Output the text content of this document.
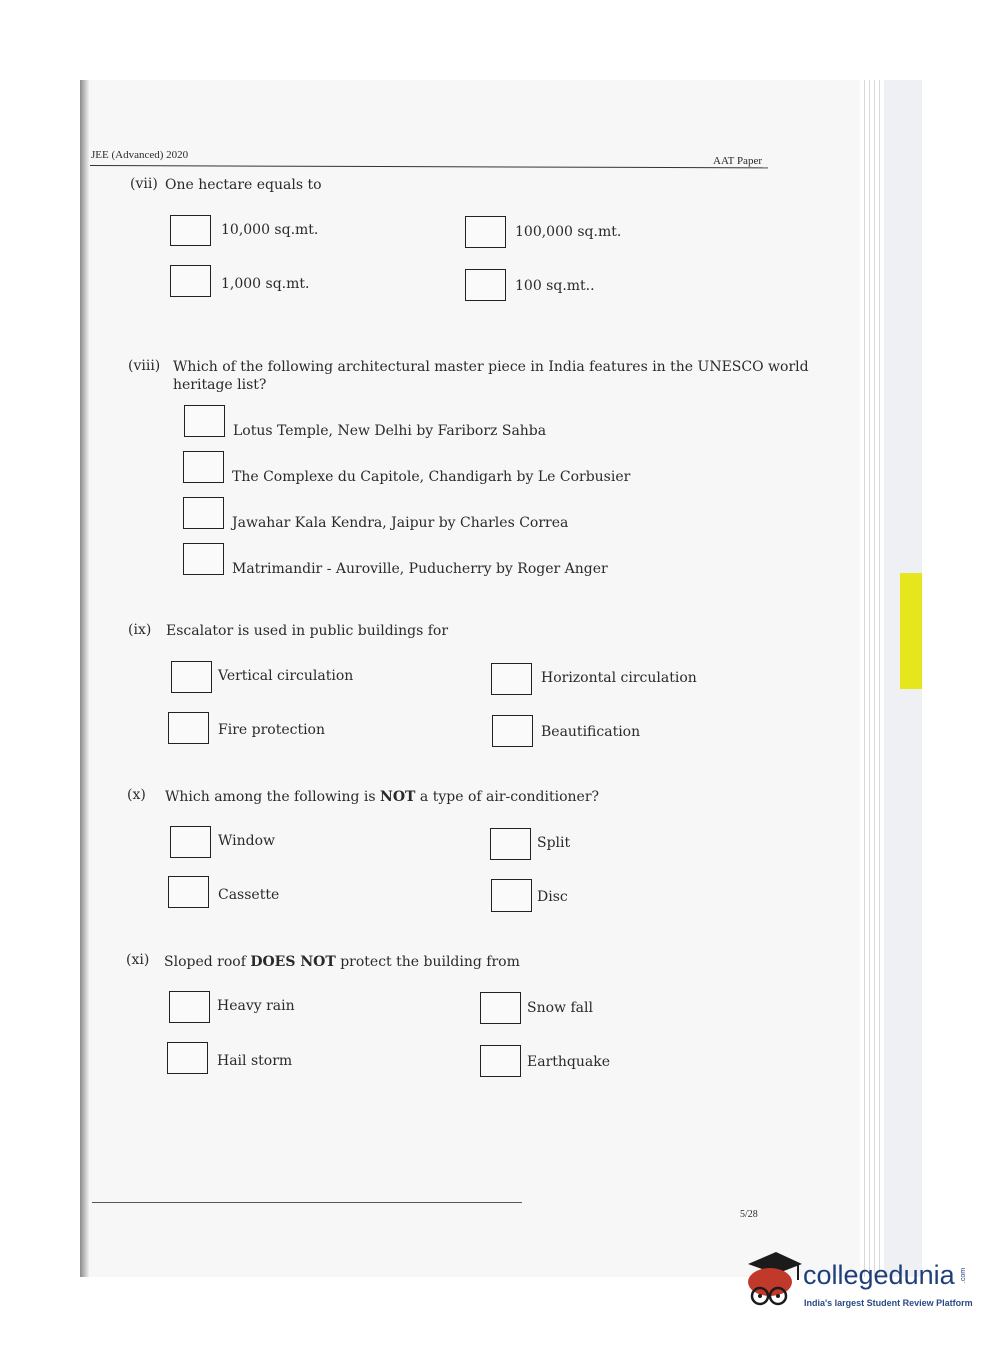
JEE (Advanced) 2020	AAT Paper
(vii) One hectare equals to
10,000 sq.mt.	100,000 sq.mt.
1,000 sq.mt.	100 sq.mt..
(viii) Which of the following architectural master piece in India features in the UNESCO world
heritage list?
Lotus Temple, New Delhi by Fariborz Sahba
The Complexe du Capitole, Chandigarh by Le Corbusier
Jawahar Kala Kendra, Jaipur by Charles Correa
Matrimandir - Auroville, Puducherry by Roger Anger
(ix) Escalator is used in public buildings for
Vertical circulation	Horizontal circulation
Fire protection	Beautification
(x) Which among the following is NOT a type of air-conditioner?
Window	Split
Cassette	Disc
(xi) Sloped roof DOES NOT protect the building from
Heavy rain	Snow fall
Hail storm	Earthquake
5/28
collegedunia .com
India's largest Student Review Platform
